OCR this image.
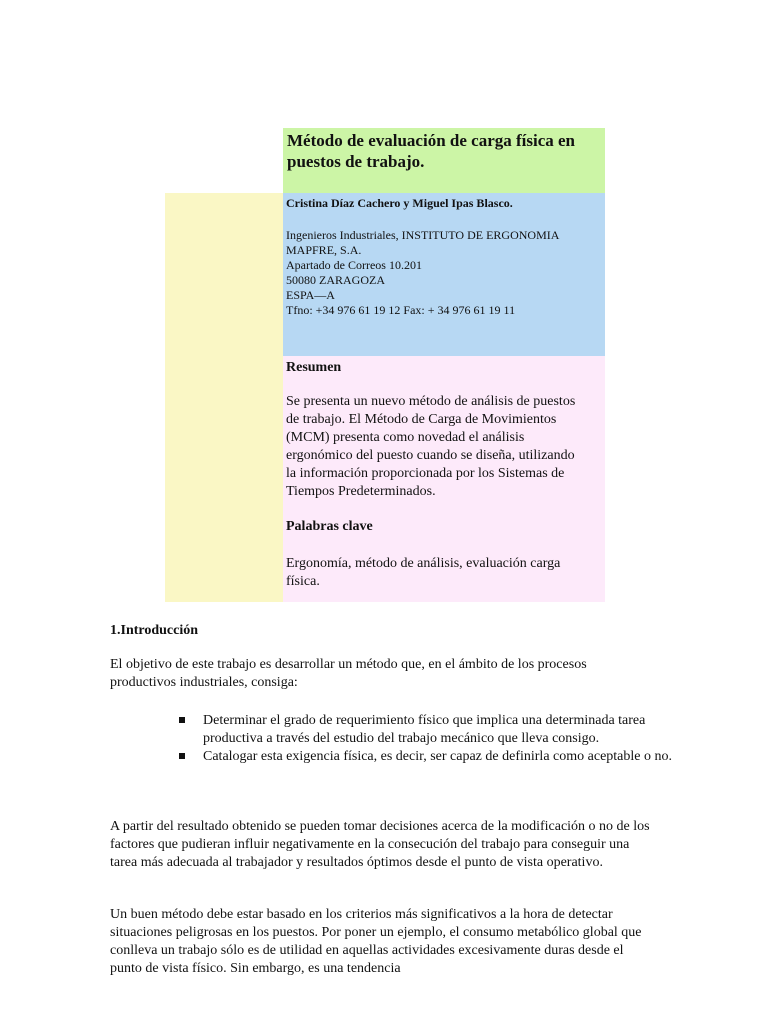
Método de evaluación de carga física en puestos de trabajo.

Cristina Díaz Cachero y Miguel Ipas Blasco.

Ingenieros Industriales, INSTITUTO DE ERGONOMIA MAPFRE, S.A.
Apartado de Correos 10.201
50080 ZARAGOZA
ESPA—A
Tfno: +34 976 61 19 12 Fax: + 34 976 61 19 11

Resumen

Se presenta un nuevo método de análisis de puestos de trabajo. El Método de Carga de Movimientos (MCM) presenta como novedad el análisis ergonómico del puesto cuando se diseña, utilizando la información proporcionada por los Sistemas de Tiempos Predeterminados.

Palabras clave

Ergonomía, método de análisis, evaluación carga física.

1.Introducción

El objetivo de este trabajo es desarrollar un método que, en el ámbito de los procesos productivos industriales, consiga:

Determinar el grado de requerimiento físico que implica una determinada tarea productiva a través del estudio del trabajo mecánico que lleva consigo.
Catalogar esta exigencia física, es decir, ser capaz de definirla como aceptable o no.

A partir del resultado obtenido se pueden tomar decisiones acerca de la modificación o no de los factores que pudieran influir negativamente en la consecución del trabajo para conseguir una tarea más adecuada al trabajador y resultados óptimos desde el punto de vista operativo.

Un buen método debe estar basado en los criterios más significativos a la hora de detectar situaciones peligrosas en los puestos. Por poner un ejemplo, el consumo metabólico global que conlleva un trabajo sólo es de utilidad en aquellas actividades excesivamente duras desde el punto de vista físico. Sin embargo, es una tendencia
